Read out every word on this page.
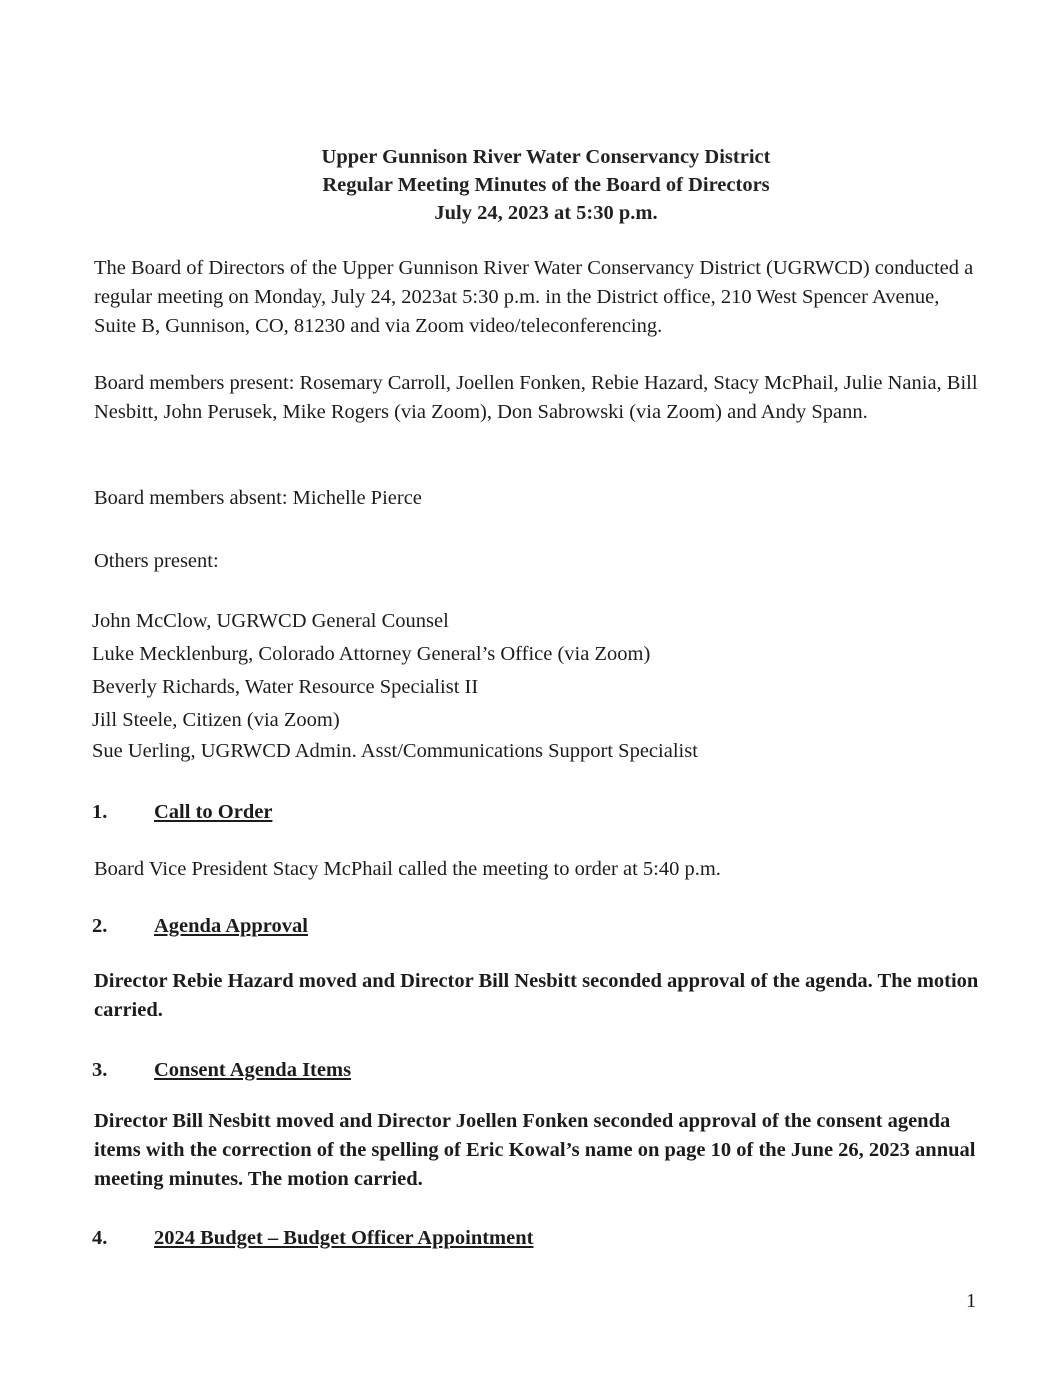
Upper Gunnison River Water Conservancy District
Regular Meeting Minutes of the Board of Directors
July 24, 2023 at 5:30 p.m.
The Board of Directors of the Upper Gunnison River Water Conservancy District (UGRWCD) conducted a regular meeting on Monday, July 24, 2023at 5:30 p.m. in the District office, 210 West Spencer Avenue, Suite B, Gunnison, CO, 81230 and via Zoom video/teleconferencing.
Board members present: Rosemary Carroll, Joellen Fonken, Rebie Hazard, Stacy McPhail, Julie Nania, Bill Nesbitt, John Perusek, Mike Rogers (via Zoom), Don Sabrowski (via Zoom) and Andy Spann.
Board members absent: Michelle Pierce
Others present:
John McClow, UGRWCD General Counsel
Luke Mecklenburg, Colorado Attorney General’s Office (via Zoom)
Beverly Richards, Water Resource Specialist II
Jill Steele, Citizen (via Zoom)
Sue Uerling, UGRWCD Admin. Asst/Communications Support Specialist
1. Call to Order
Board Vice President Stacy McPhail called the meeting to order at 5:40 p.m.
2. Agenda Approval
Director Rebie Hazard moved and Director Bill Nesbitt seconded approval of the agenda. The motion carried.
3. Consent Agenda Items
Director Bill Nesbitt moved and Director Joellen Fonken seconded approval of the consent agenda items with the correction of the spelling of Eric Kowal’s name on page 10 of the June 26, 2023 annual meeting minutes. The motion carried.
4. 2024 Budget – Budget Officer Appointment
1
